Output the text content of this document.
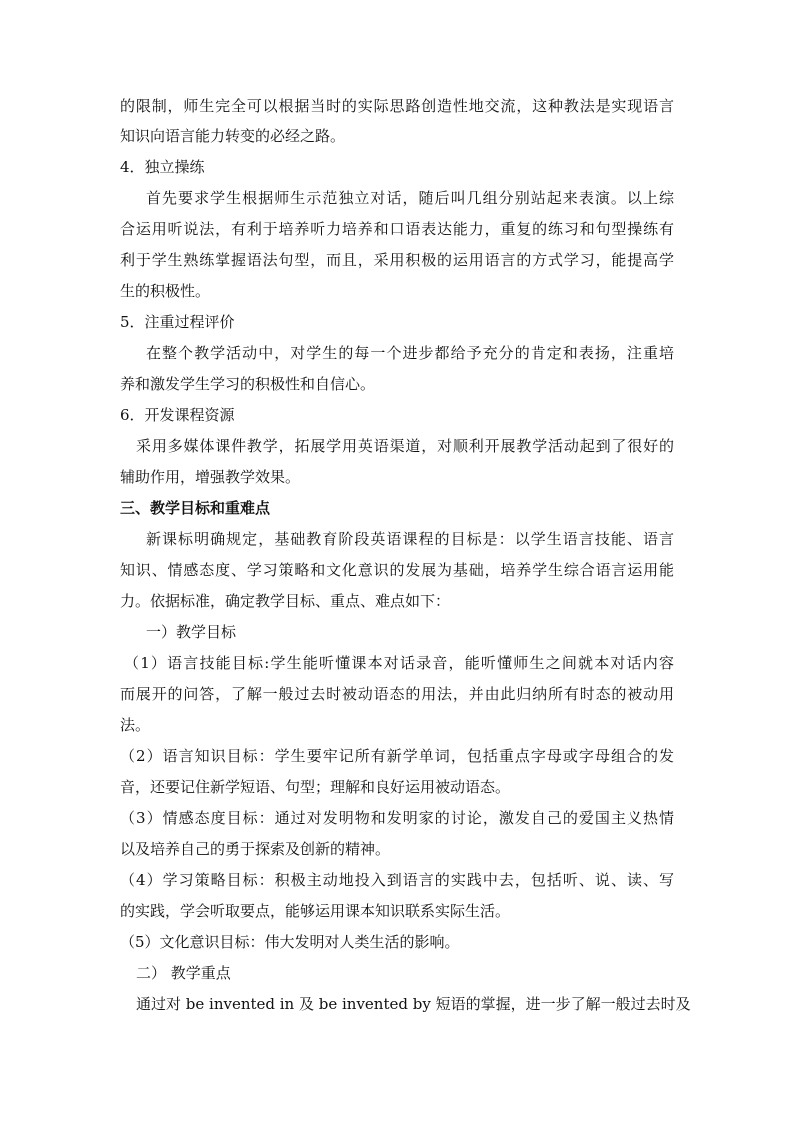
的限制，师生完全可以根据当时的实际思路创造性地交流，这种教法是实现语言
知识向语言能力转变的必经之路。
4．独立操练
首先要求学生根据师生示范独立对话，随后叫几组分别站起来表演。以上综
合运用听说法，有利于培养听力培养和口语表达能力，重复的练习和句型操练有
利于学生熟练掌握语法句型，而且，采用积极的运用语言的方式学习，能提高学
生的积极性。
5．注重过程评价
在整个教学活动中，对学生的每一个进步都给予充分的肯定和表扬，注重培
养和激发学生学习的积极性和自信心。
6．开发课程资源
采用多媒体课件教学，拓展学用英语渠道，对顺利开展教学活动起到了很好的
辅助作用，增强教学效果。
三、教学目标和重难点
新课标明确规定，基础教育阶段英语课程的目标是：以学生语言技能、语言
知识、情感态度、学习策略和文化意识的发展为基础，培养学生综合语言运用能
力。依据标准，确定教学目标、重点、难点如下：
一）教学目标
（1）语言技能目标:学生能听懂课本对话录音，能听懂师生之间就本对话内容
而展开的问答，了解一般过去时被动语态的用法，并由此归纳所有时态的被动用
法。
（2）语言知识目标：学生要牢记所有新学单词，包括重点字母或字母组合的发
音，还要记住新学短语、句型；理解和良好运用被动语态。
（3）情感态度目标：通过对发明物和发明家的讨论，激发自己的爱国主义热情
以及培养自己的勇于探索及创新的精神。
（4）学习策略目标：积极主动地投入到语言的实践中去，包括听、说、读、写
的实践，学会听取要点，能够运用课本知识联系实际生活。
（5）文化意识目标：伟大发明对人类生活的影响。
二） 教学重点
通过对 be invented in 及 be invented by 短语的掌握，进一步了解一般过去时及
